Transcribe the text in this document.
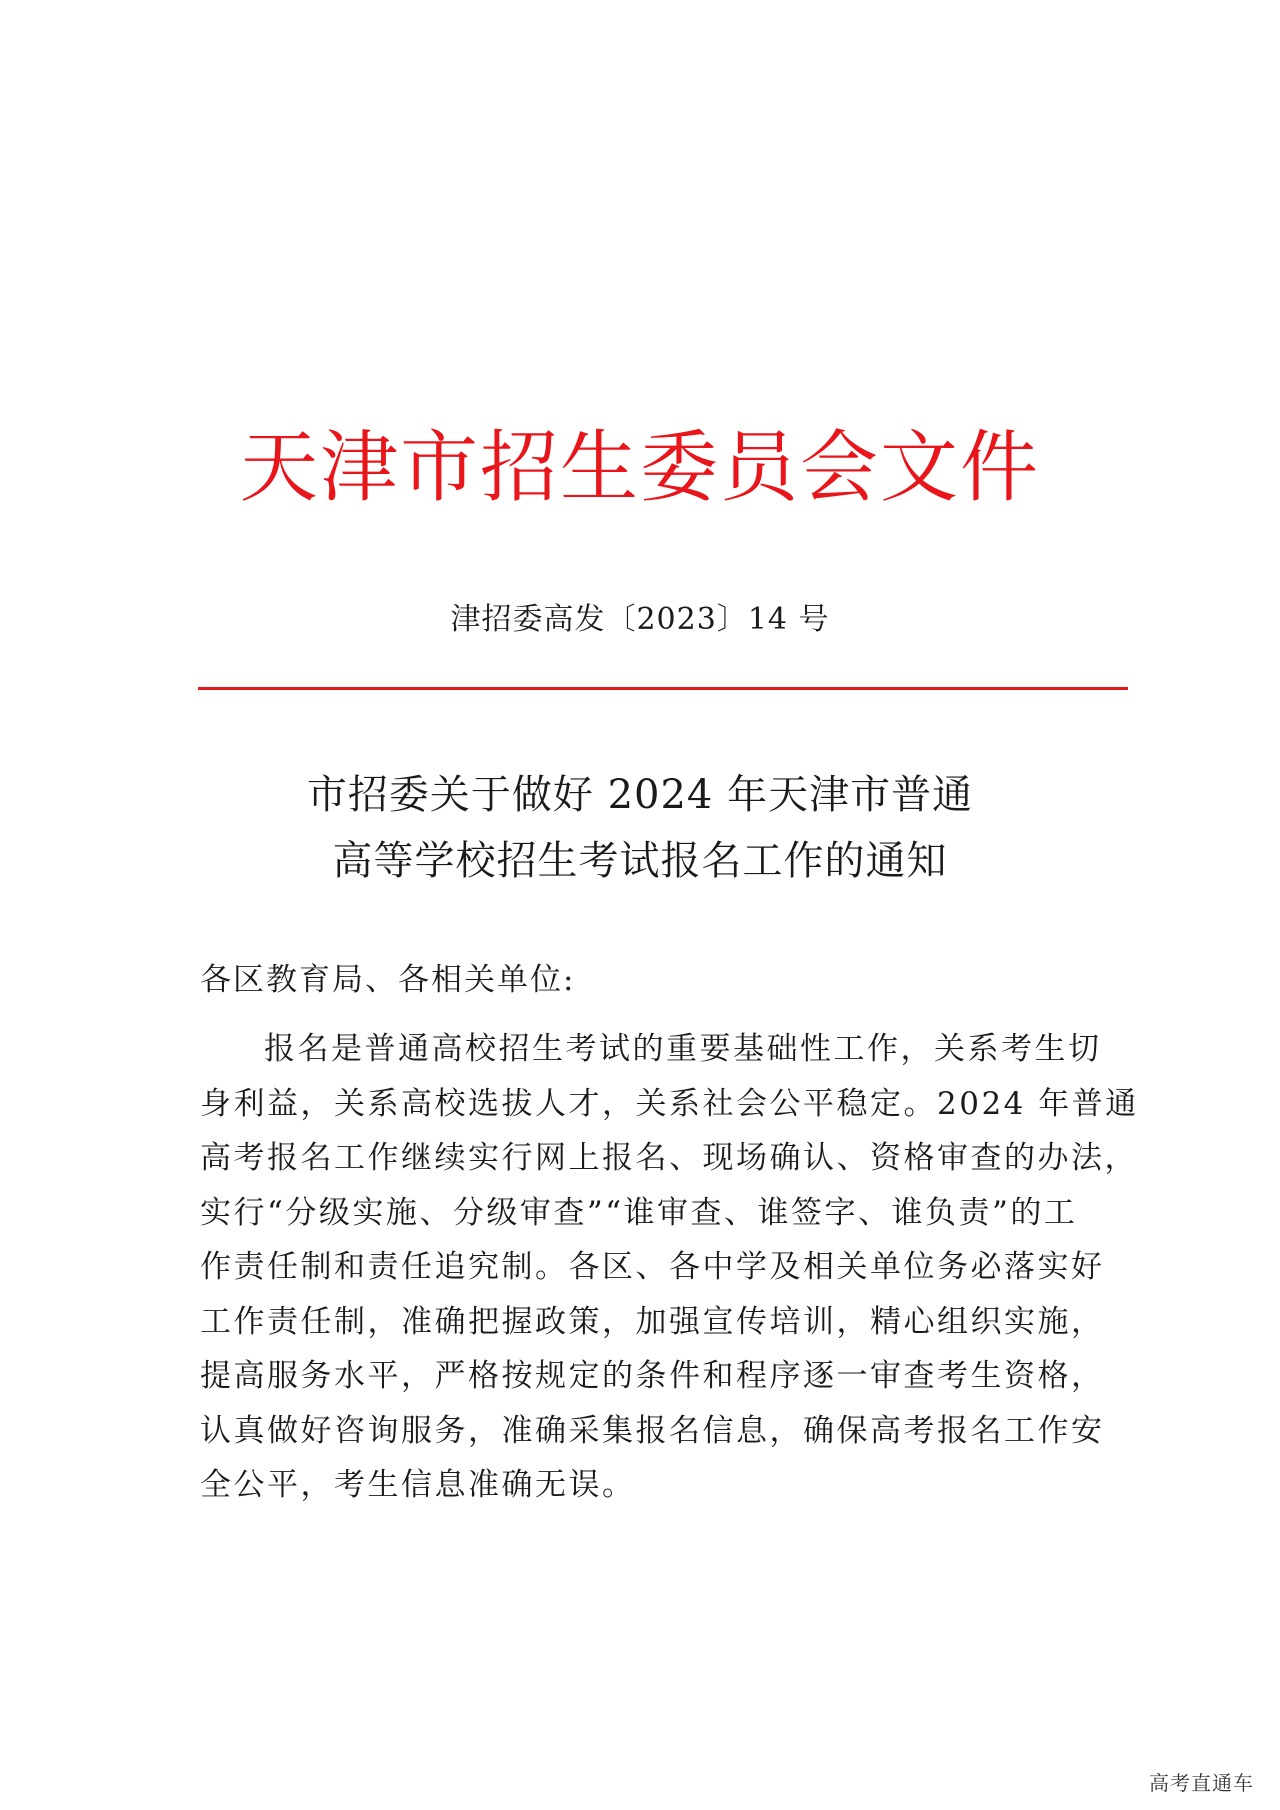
天津市招生委员会文件
津招委高发〔2023〕14 号
市招委关于做好 2024 年天津市普通
高等学校招生考试报名工作的通知
各区教育局、各相关单位:

报名是普通高校招生考试的重要基础性工作，关系考生切
身利益，关系高校选拔人才，关系社会公平稳定。2024 年普通
高考报名工作继续实行网上报名、现场确认、资格审查的办法，
实行“分级实施、分级审查”“谁审查、谁签字、谁负责”的工
作责任制和责任追究制。各区、各中学及相关单位务必落实好
工作责任制，准确把握政策，加强宣传培训，精心组织实施，
提高服务水平，严格按规定的条件和程序逐一审查考生资格，
认真做好咨询服务，准确采集报名信息，确保高考报名工作安
全公平，考生信息准确无误。

高考直通车
